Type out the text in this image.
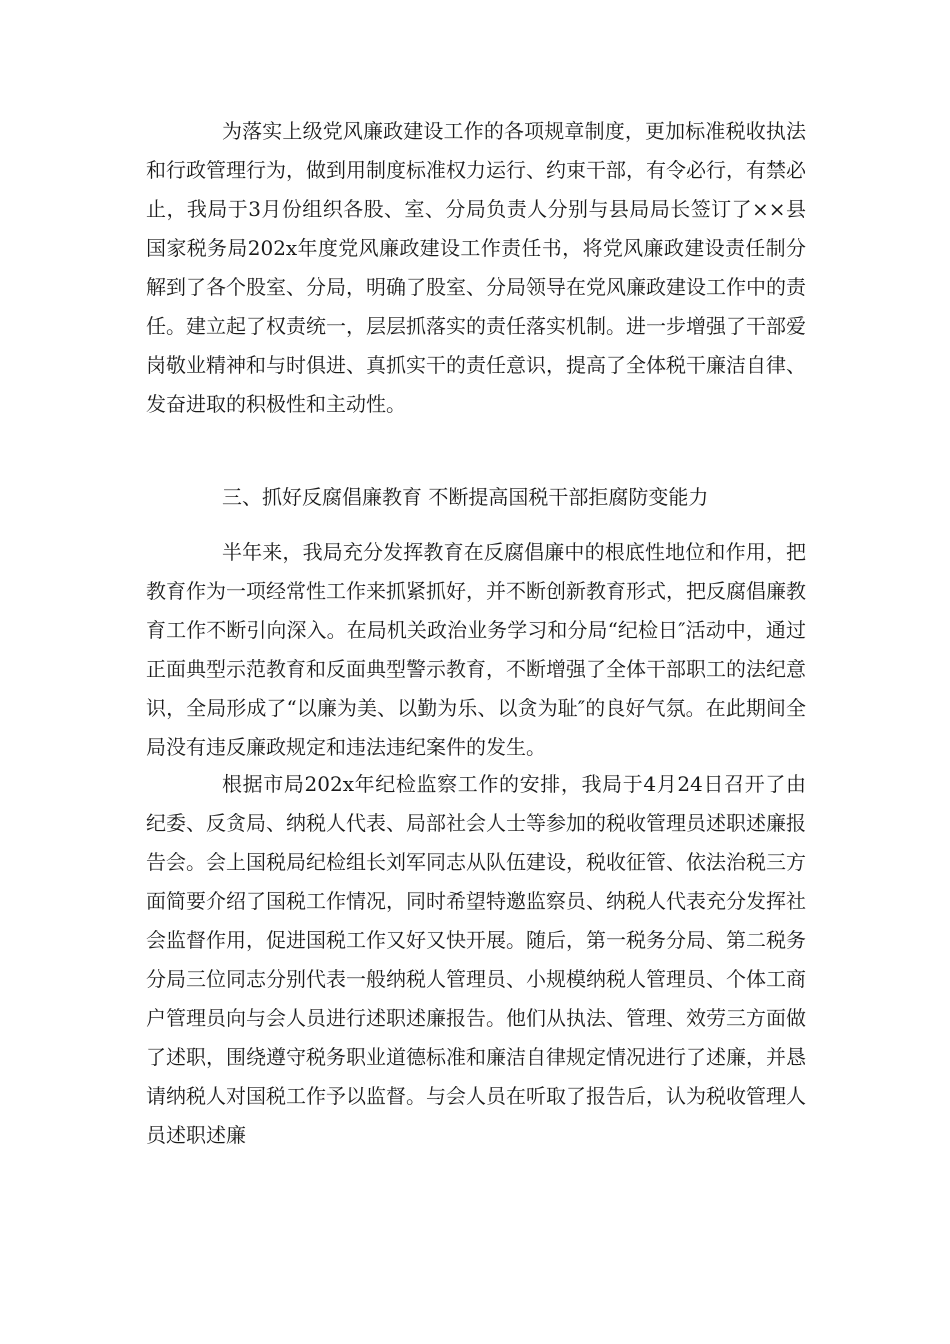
为落实上级党风廉政建设工作的各项规章制度，更加标准税收执法和行政管理行为，做到用制度标准权力运行、约束干部，有令必行，有禁必止，我局于3月份组织各股、室、分局负责人分别与县局局长签订了××县国家税务局202x年度党风廉政建设工作责任书，将党风廉政建设责任制分解到了各个股室、分局，明确了股室、分局领导在党风廉政建设工作中的责任。建立起了权责统一，层层抓落实的责任落实机制。进一步增强了干部爱岗敬业精神和与时俱进、真抓实干的责任意识，提高了全体税干廉洁自律、发奋进取的积极性和主动性。

三、抓好反腐倡廉教育 不断提高国税干部拒腐防变能力

半年来，我局充分发挥教育在反腐倡廉中的根底性地位和作用，把教育作为一项经常性工作来抓紧抓好，并不断创新教育形式，把反腐倡廉教育工作不断引向深入。在局机关政治业务学习和分局“纪检日″活动中，通过正面典型示范教育和反面典型警示教育，不断增强了全体干部职工的法纪意识，全局形成了“以廉为美、以勤为乐、以贪为耻″的良好气氛。在此期间全局没有违反廉政规定和违法违纪案件的发生。

根据市局202x年纪检监察工作的安排，我局于4月24日召开了由纪委、反贪局、纳税人代表、局部社会人士等参加的税收管理员述职述廉报告会。会上国税局纪检组长刘军同志从队伍建设，税收征管、依法治税三方面简要介绍了国税工作情况，同时希望特邀监察员、纳税人代表充分发挥社会监督作用，促进国税工作又好又快开展。随后，第一税务分局、第二税务分局三位同志分别代表一般纳税人管理员、小规模纳税人管理员、个体工商户管理员向与会人员进行述职述廉报告。他们从执法、管理、效劳三方面做了述职，围绕遵守税务职业道德标准和廉洁自律规定情况进行了述廉，并恳请纳税人对国税工作予以监督。与会人员在听取了报告后，认为税收管理人员述职述廉
